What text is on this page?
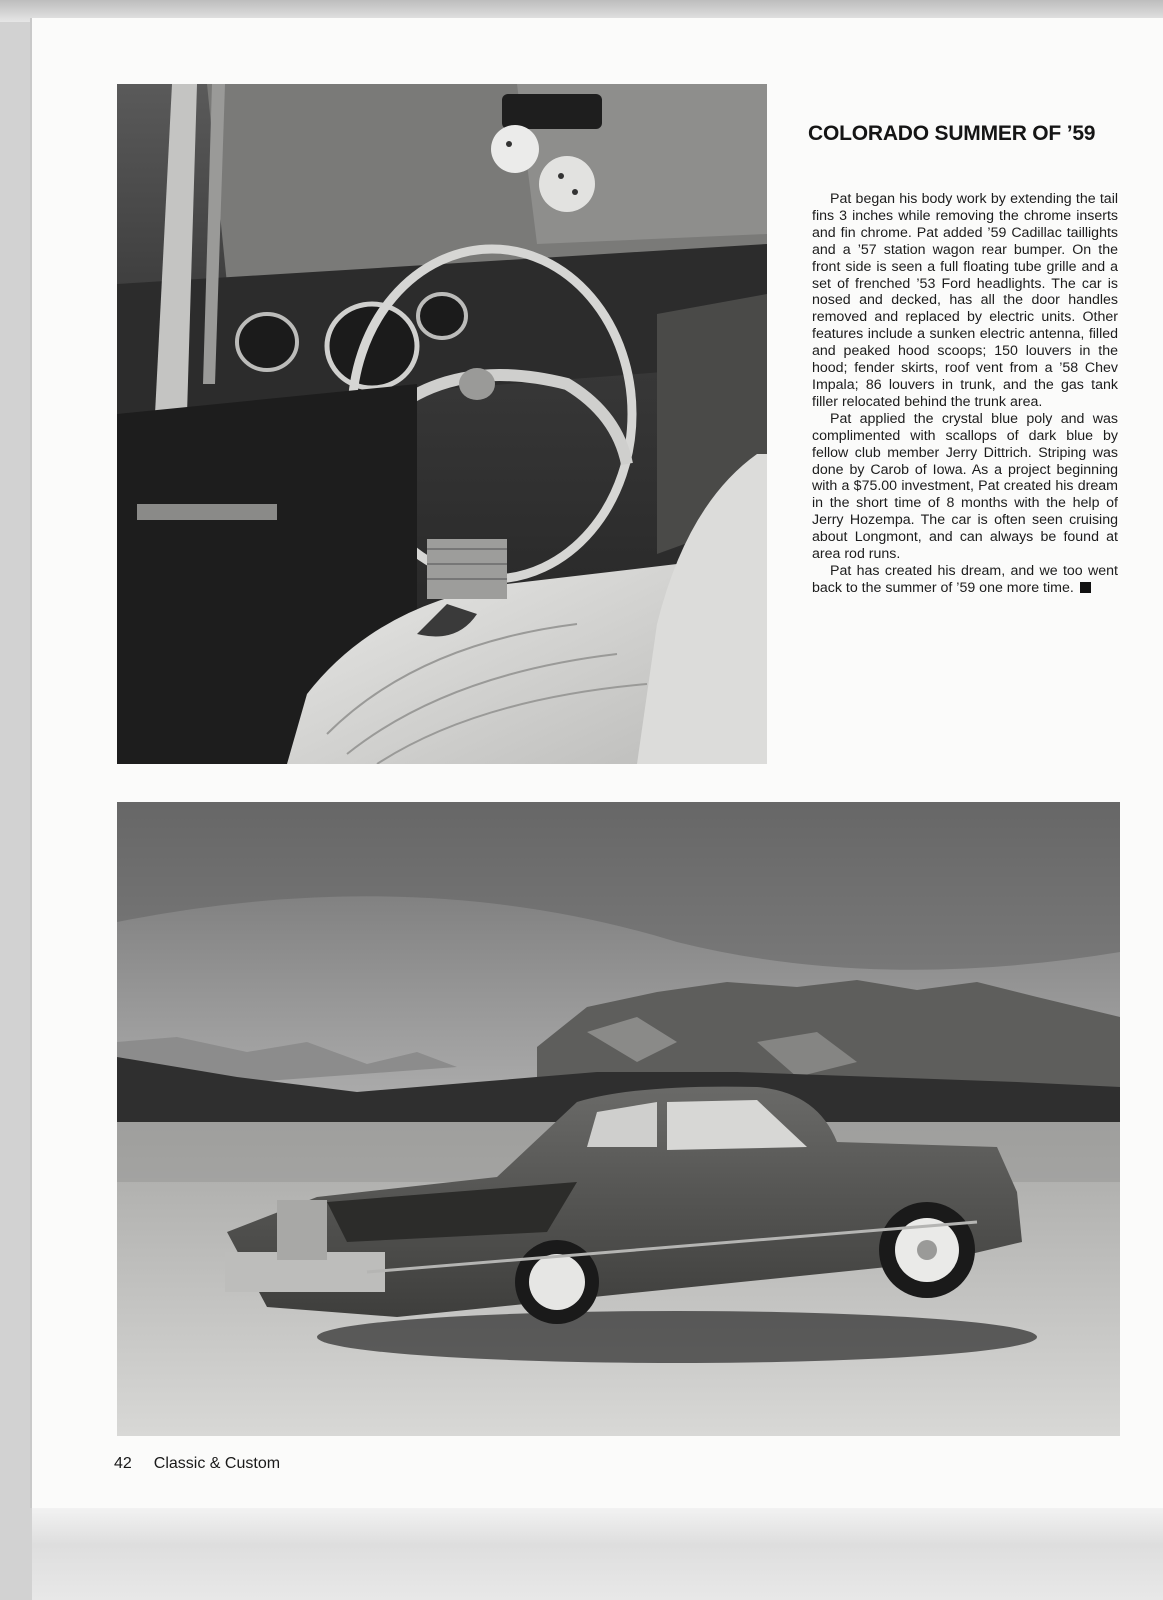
COLORADO SUMMER OF ’59

Pat began his body work by extending the tail fins 3 inches while removing the chrome inserts and fin chrome. Pat added ’59 Cadillac taillights and a ’57 station wagon rear bumper. On the front side is seen a full floating tube grille and a set of frenched ’53 Ford headlights. The car is nosed and decked, has all the door handles removed and replaced by electric units. Other features include a sunken electric antenna, filled and peaked hood scoops; 150 louvers in the hood; fender skirts, roof vent from a ’58 Chev Impala; 86 louvers in trunk, and the gas tank filler relocated behind the trunk area.

Pat applied the crystal blue poly and was complimented with scallops of dark blue by fellow club member Jerry Dittrich. Striping was done by Carob of Iowa. As a project beginning with a $75.00 investment, Pat created his dream in the short time of 8 months with the help of Jerry Hozempa. The car is often seen cruising about Longmont, and can always be found at area rod runs.

Pat has created his dream, and we too went back to the summer of ’59 one more time.

42 Classic & Custom
